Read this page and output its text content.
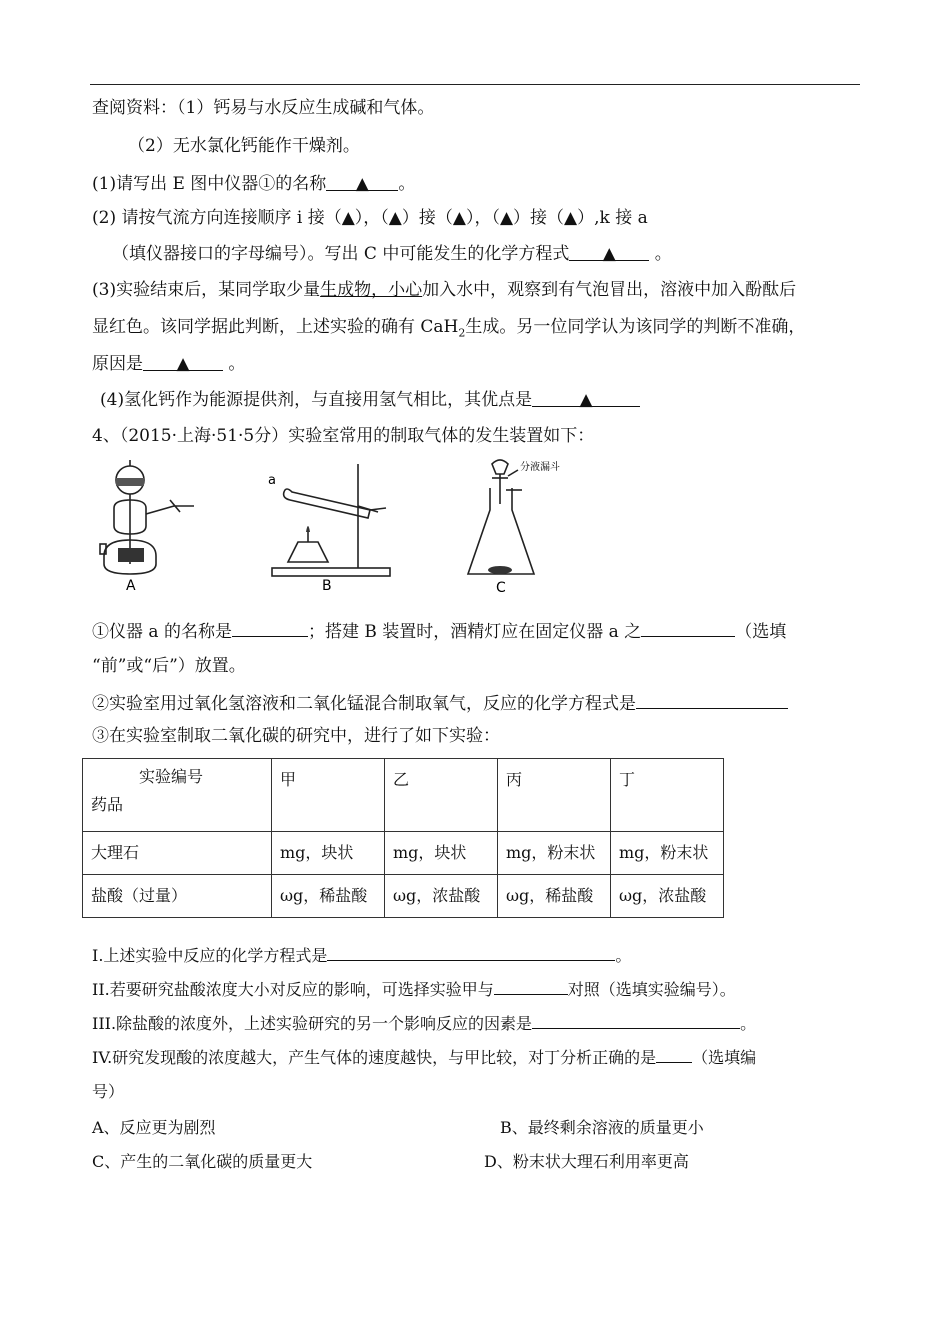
查阅资料：（1）钙易与水反应生成碱和气体。
（2）无水氯化钙能作干燥剂。
(1)请写出 E 图中仪器①的名称 ▲ 。
(2) 请按气流方向连接顺序 i 接（▲），（▲）接（▲），（▲）接（▲）,k 接 a
（填仪器接口的字母编号）。写出 C 中可能发生的化学方程式 ▲ 。
(3)实验结束后，某同学取少量生成物，小心加入水中，观察到有气泡冒出，溶液中加入酚酞后
显红色。该同学据此判断，上述实验的确有 CaH$_2$生成。另一位同学认为该同学的判断不准确，
原因是 ▲ 。
(4)氢化钙作为能源提供剂，与直接用氢气相比，其优点是	▲
4、（2015·上海·51·5分）实验室常用的制取气体的发生装置如下：
A
a
B
分液漏斗
C
①仪器 a 的名称是	；搭建 B 装置时，酒精灯应在固定仪器 a 之	（选填
“前”或“后”）放置。
②实验室用过氧化氢溶液和二氧化锰混合制取氧气，反应的化学方程式是
③在实验室制取二氧化碳的研究中，进行了如下实验：
实验编号
药品	甲	乙	丙	丁
大理石	mg，块状	mg，块状	mg，粉末状	mg，粉末状
盐酸（过量）	ωg，稀盐酸	ωg，浓盐酸	ωg，稀盐酸	ωg，浓盐酸
I.上述实验中反应的化学方程式是	。
II.若要研究盐酸浓度大小对反应的影响，可选择实验甲与	对照（选填实验编号）。
III.除盐酸的浓度外，上述实验研究的另一个影响反应的因素是	。
IV.研究发现酸的浓度越大，产生气体的速度越快，与甲比较，对丁分析正确的是 （选填编
号）
A、反应更为剧烈	B、最终剩余溶液的质量更小
C、产生的二氧化碳的质量更大	D、粉末状大理石利用率更高
